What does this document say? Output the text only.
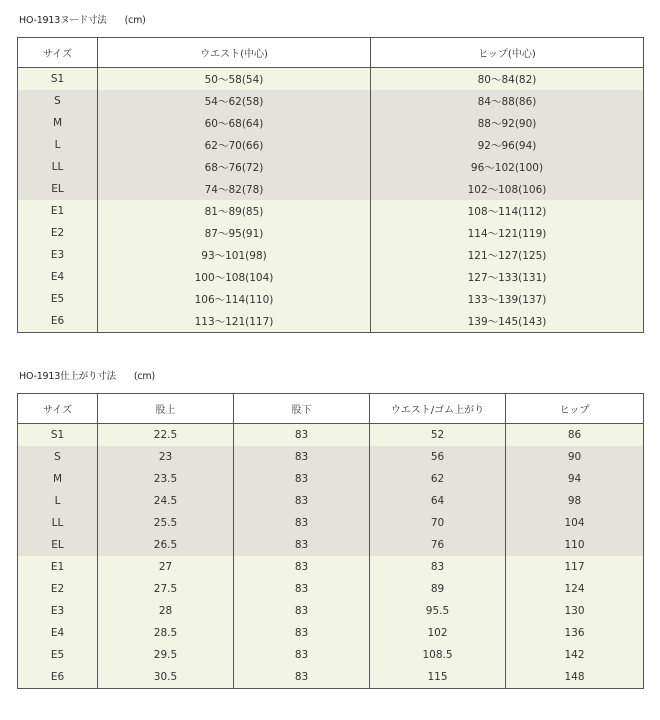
HO-1913ヌード寸法 (cm)
サイズ	ウエスト(中心)	ヒップ(中心)
S1	50～58(54)	80～84(82)
S	54～62(58)	84～88(86)
M	60～68(64)	88～92(90)
L	62～70(66)	92～96(94)
LL	68～76(72)	96～102(100)
EL	74～82(78)	102～108(106)
E1	81～89(85)	108～114(112)
E2	87～95(91)	114～121(119)
E3	93～101(98)	121～127(125)
E4	100～108(104)	127～133(131)
E5	106～114(110)	133～139(137)
E6	113～121(117)	139～145(143)
HO-1913仕上がり寸法 (cm)
サイズ	股上	股下	ウエスト/ゴム上がり	ヒップ
S1	22.5	83	52	86
S	23	83	56	90
M	23.5	83	62	94
L	24.5	83	64	98
LL	25.5	83	70	104
EL	26.5	83	76	110
E1	27	83	83	117
E2	27.5	83	89	124
E3	28	83	95.5	130
E4	28.5	83	102	136
E5	29.5	83	108.5	142
E6	30.5	83	115	148
